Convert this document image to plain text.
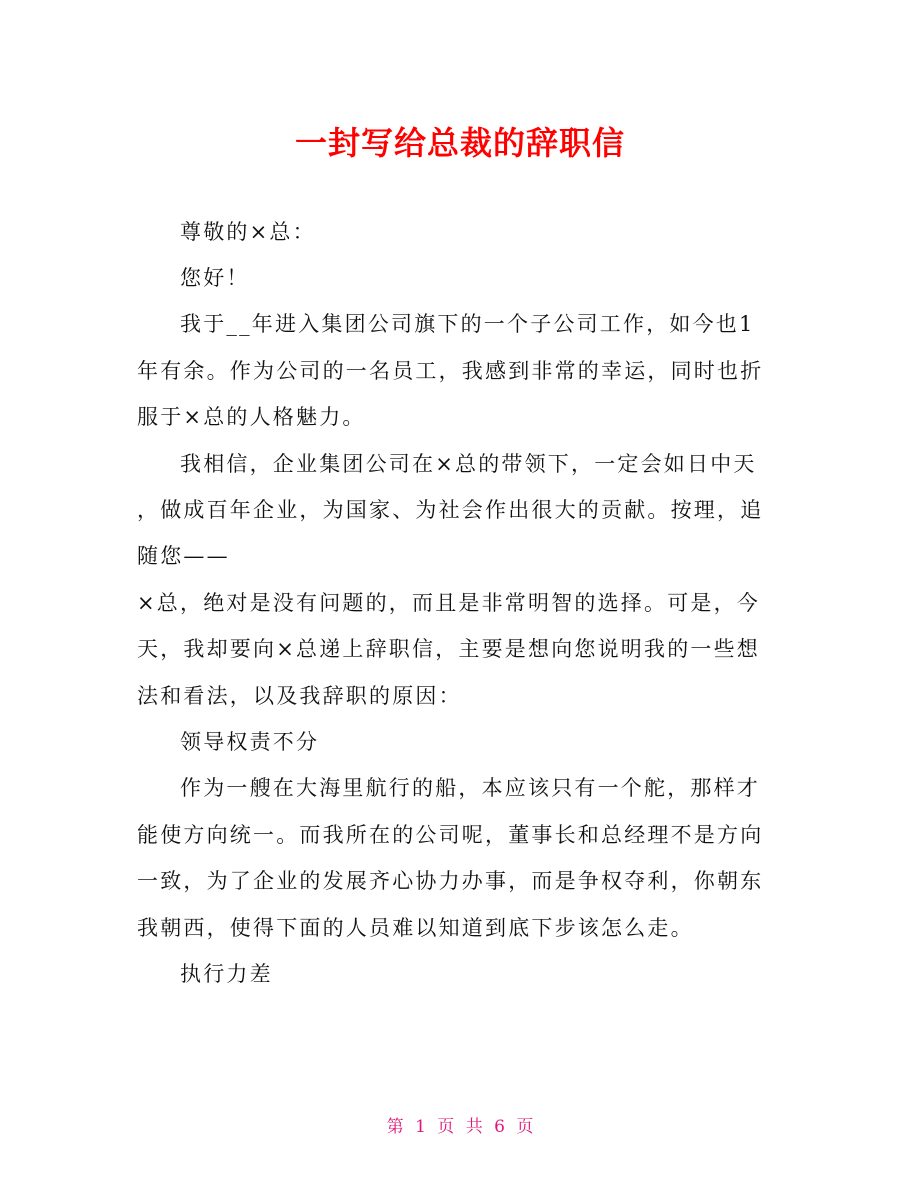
一封写给总裁的辞职信
尊敬的×总：
您好！
我于__年进入集团公司旗下的一个子公司工作，如今也1
年有余。作为公司的一名员工，我感到非常的幸运，同时也折
服于×总的人格魅力。
我相信，企业集团公司在×总的带领下，一定会如日中天
，做成百年企业，为国家、为社会作出很大的贡献。按理，追
随您——
×总，绝对是没有问题的，而且是非常明智的选择。可是，今
天，我却要向×总递上辞职信，主要是想向您说明我的一些想
法和看法，以及我辞职的原因：
领导权责不分
作为一艘在大海里航行的船，本应该只有一个舵，那样才
能使方向统一。而我所在的公司呢，董事长和总经理不是方向
一致，为了企业的发展齐心协力办事，而是争权夺利，你朝东
我朝西，使得下面的人员难以知道到底下步该怎么走。
执行力差
第 1 页 共 6 页
